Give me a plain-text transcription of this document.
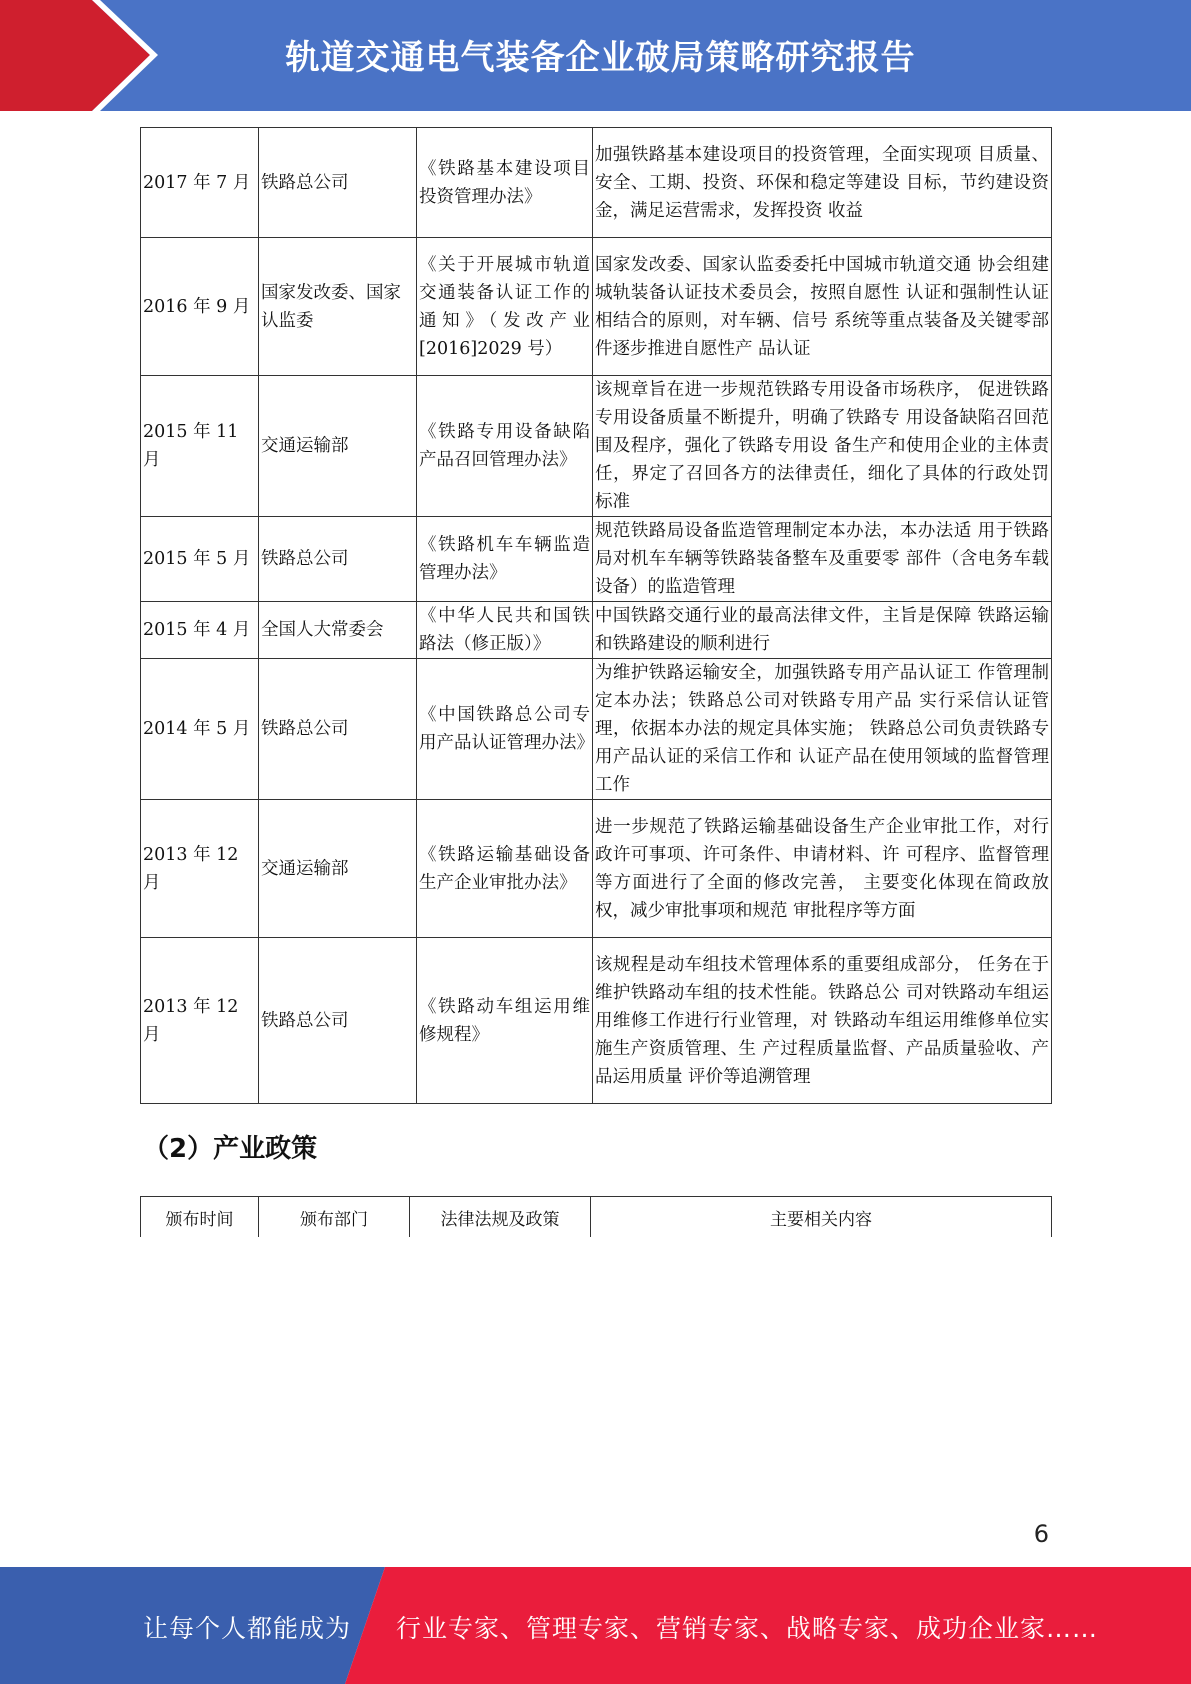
轨道交通电气装备企业破局策略研究报告
2017 年 7 月	铁路总公司	《铁路基本建设项目投资管理办法》	加强铁路基本建设项目的投资管理，全面实现项 目质量、安全、工期、投资、环保和稳定等建设 目标，节约建设资金，满足运营需求，发挥投资 收益
2016 年 9 月	国家发改委、国家认监委	《关于开展城市轨道交通装备认证工作的通知》（发改产业[2016]2029 号）	国家发改委、国家认监委委托中国城市轨道交通 协会组建城轨装备认证技术委员会，按照自愿性 认证和强制性认证相结合的原则，对车辆、信号 系统等重点装备及关键零部件逐步推进自愿性产 品认证
2015 年 11 月	交通运输部	《铁路专用设备缺陷产品召回管理办法》	该规章旨在进一步规范铁路专用设备市场秩序， 促进铁路专用设备质量不断提升，明确了铁路专 用设备缺陷召回范围及程序，强化了铁路专用设 备生产和使用企业的主体责任，界定了召回各方的法律责任，细化了具体的行政处罚标准
2015 年 5 月	铁路总公司	《铁路机车车辆监造管理办法》	规范铁路局设备监造管理制定本办法，本办法适 用于铁路局对机车车辆等铁路装备整车及重要零 部件（含电务车载设备）的监造管理
2015 年 4 月	全国人大常委会	《中华人民共和国铁路法（修正版）》	中国铁路交通行业的最高法律文件，主旨是保障 铁路运输和铁路建设的顺利进行
2014 年 5 月	铁路总公司	《中国铁路总公司专用产品认证管理办法》	为维护铁路运输安全，加强铁路专用产品认证工 作管理制定本办法；铁路总公司对铁路专用产品 实行采信认证管理，依据本办法的规定具体实施； 铁路总公司负责铁路专用产品认证的采信工作和 认证产品在使用领域的监督管理工作
2013 年 12 月	交通运输部	《铁路运输基础设备生产企业审批办法》	进一步规范了铁路运输基础设备生产企业审批工作，对行政许可事项、许可条件、申请材料、许 可程序、监督管理等方面进行了全面的修改完善， 主要变化体现在简政放权，减少审批事项和规范 审批程序等方面
2013 年 12 月	铁路总公司	《铁路动车组运用维修规程》	该规程是动车组技术管理体系的重要组成部分， 任务在于维护铁路动车组的技术性能。铁路总公 司对铁路动车组运用维修工作进行行业管理，对 铁路动车组运用维修单位实施生产资质管理、生 产过程质量监督、产品质量验收、产品运用质量 评价等追溯管理
（2）产业政策
颁布时间	颁布部门	法律法规及政策	主要相关内容
6
让每个人都能成为 行业专家、管理专家、营销专家、战略专家、成功企业家……
